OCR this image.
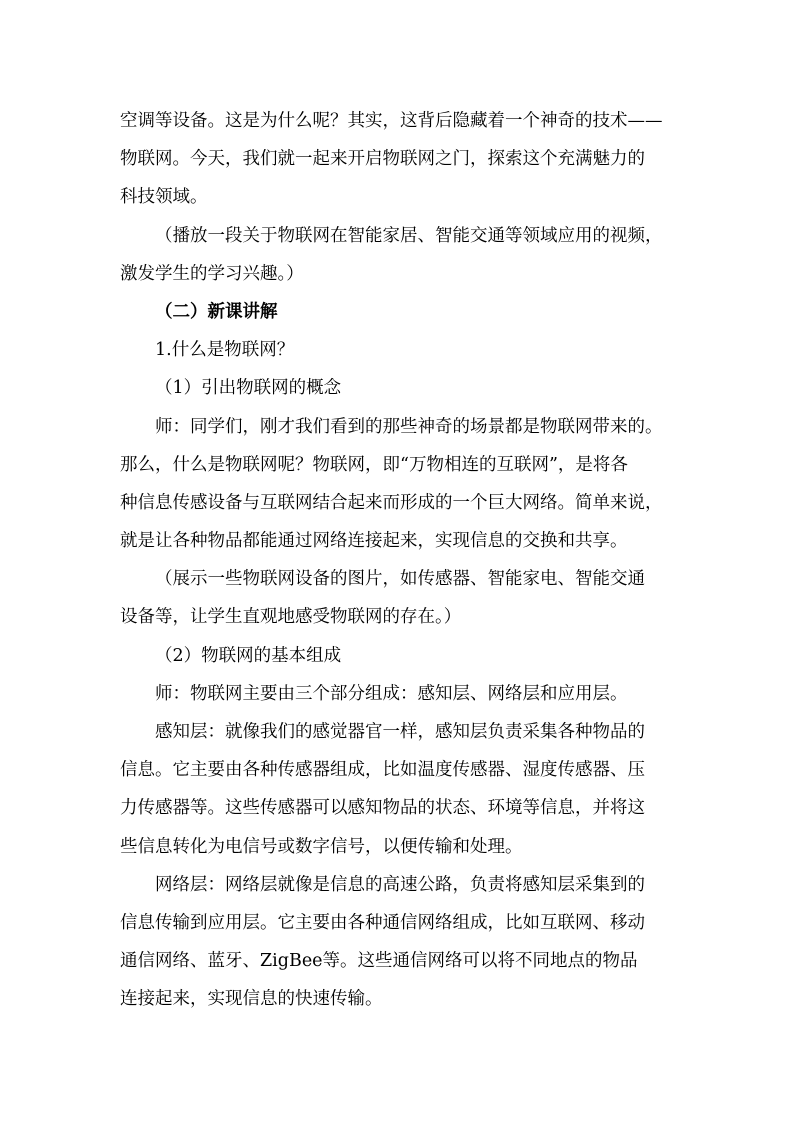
空调等设备。这是为什么呢？其实，这背后隐藏着一个神奇的技术——
物联网。今天，我们就一起来开启物联网之门，探索这个充满魅力的
科技领域。
（播放一段关于物联网在智能家居、智能交通等领域应用的视频，
激发学生的学习兴趣。）
（二）新课讲解
1.什么是物联网？
（1）引出物联网的概念
师：同学们，刚才我们看到的那些神奇的场景都是物联网带来的。
那么，什么是物联网呢？物联网，即“万物相连的互联网”，是将各
种信息传感设备与互联网结合起来而形成的一个巨大网络。简单来说，
就是让各种物品都能通过网络连接起来，实现信息的交换和共享。
（展示一些物联网设备的图片，如传感器、智能家电、智能交通
设备等，让学生直观地感受物联网的存在。）
（2）物联网的基本组成
师：物联网主要由三个部分组成：感知层、网络层和应用层。
感知层：就像我们的感觉器官一样，感知层负责采集各种物品的
信息。它主要由各种传感器组成，比如温度传感器、湿度传感器、压
力传感器等。这些传感器可以感知物品的状态、环境等信息，并将这
些信息转化为电信号或数字信号，以便传输和处理。
网络层：网络层就像是信息的高速公路，负责将感知层采集到的
信息传输到应用层。它主要由各种通信网络组成，比如互联网、移动
通信网络、蓝牙、ZigBee等。这些通信网络可以将不同地点的物品
连接起来，实现信息的快速传输。
